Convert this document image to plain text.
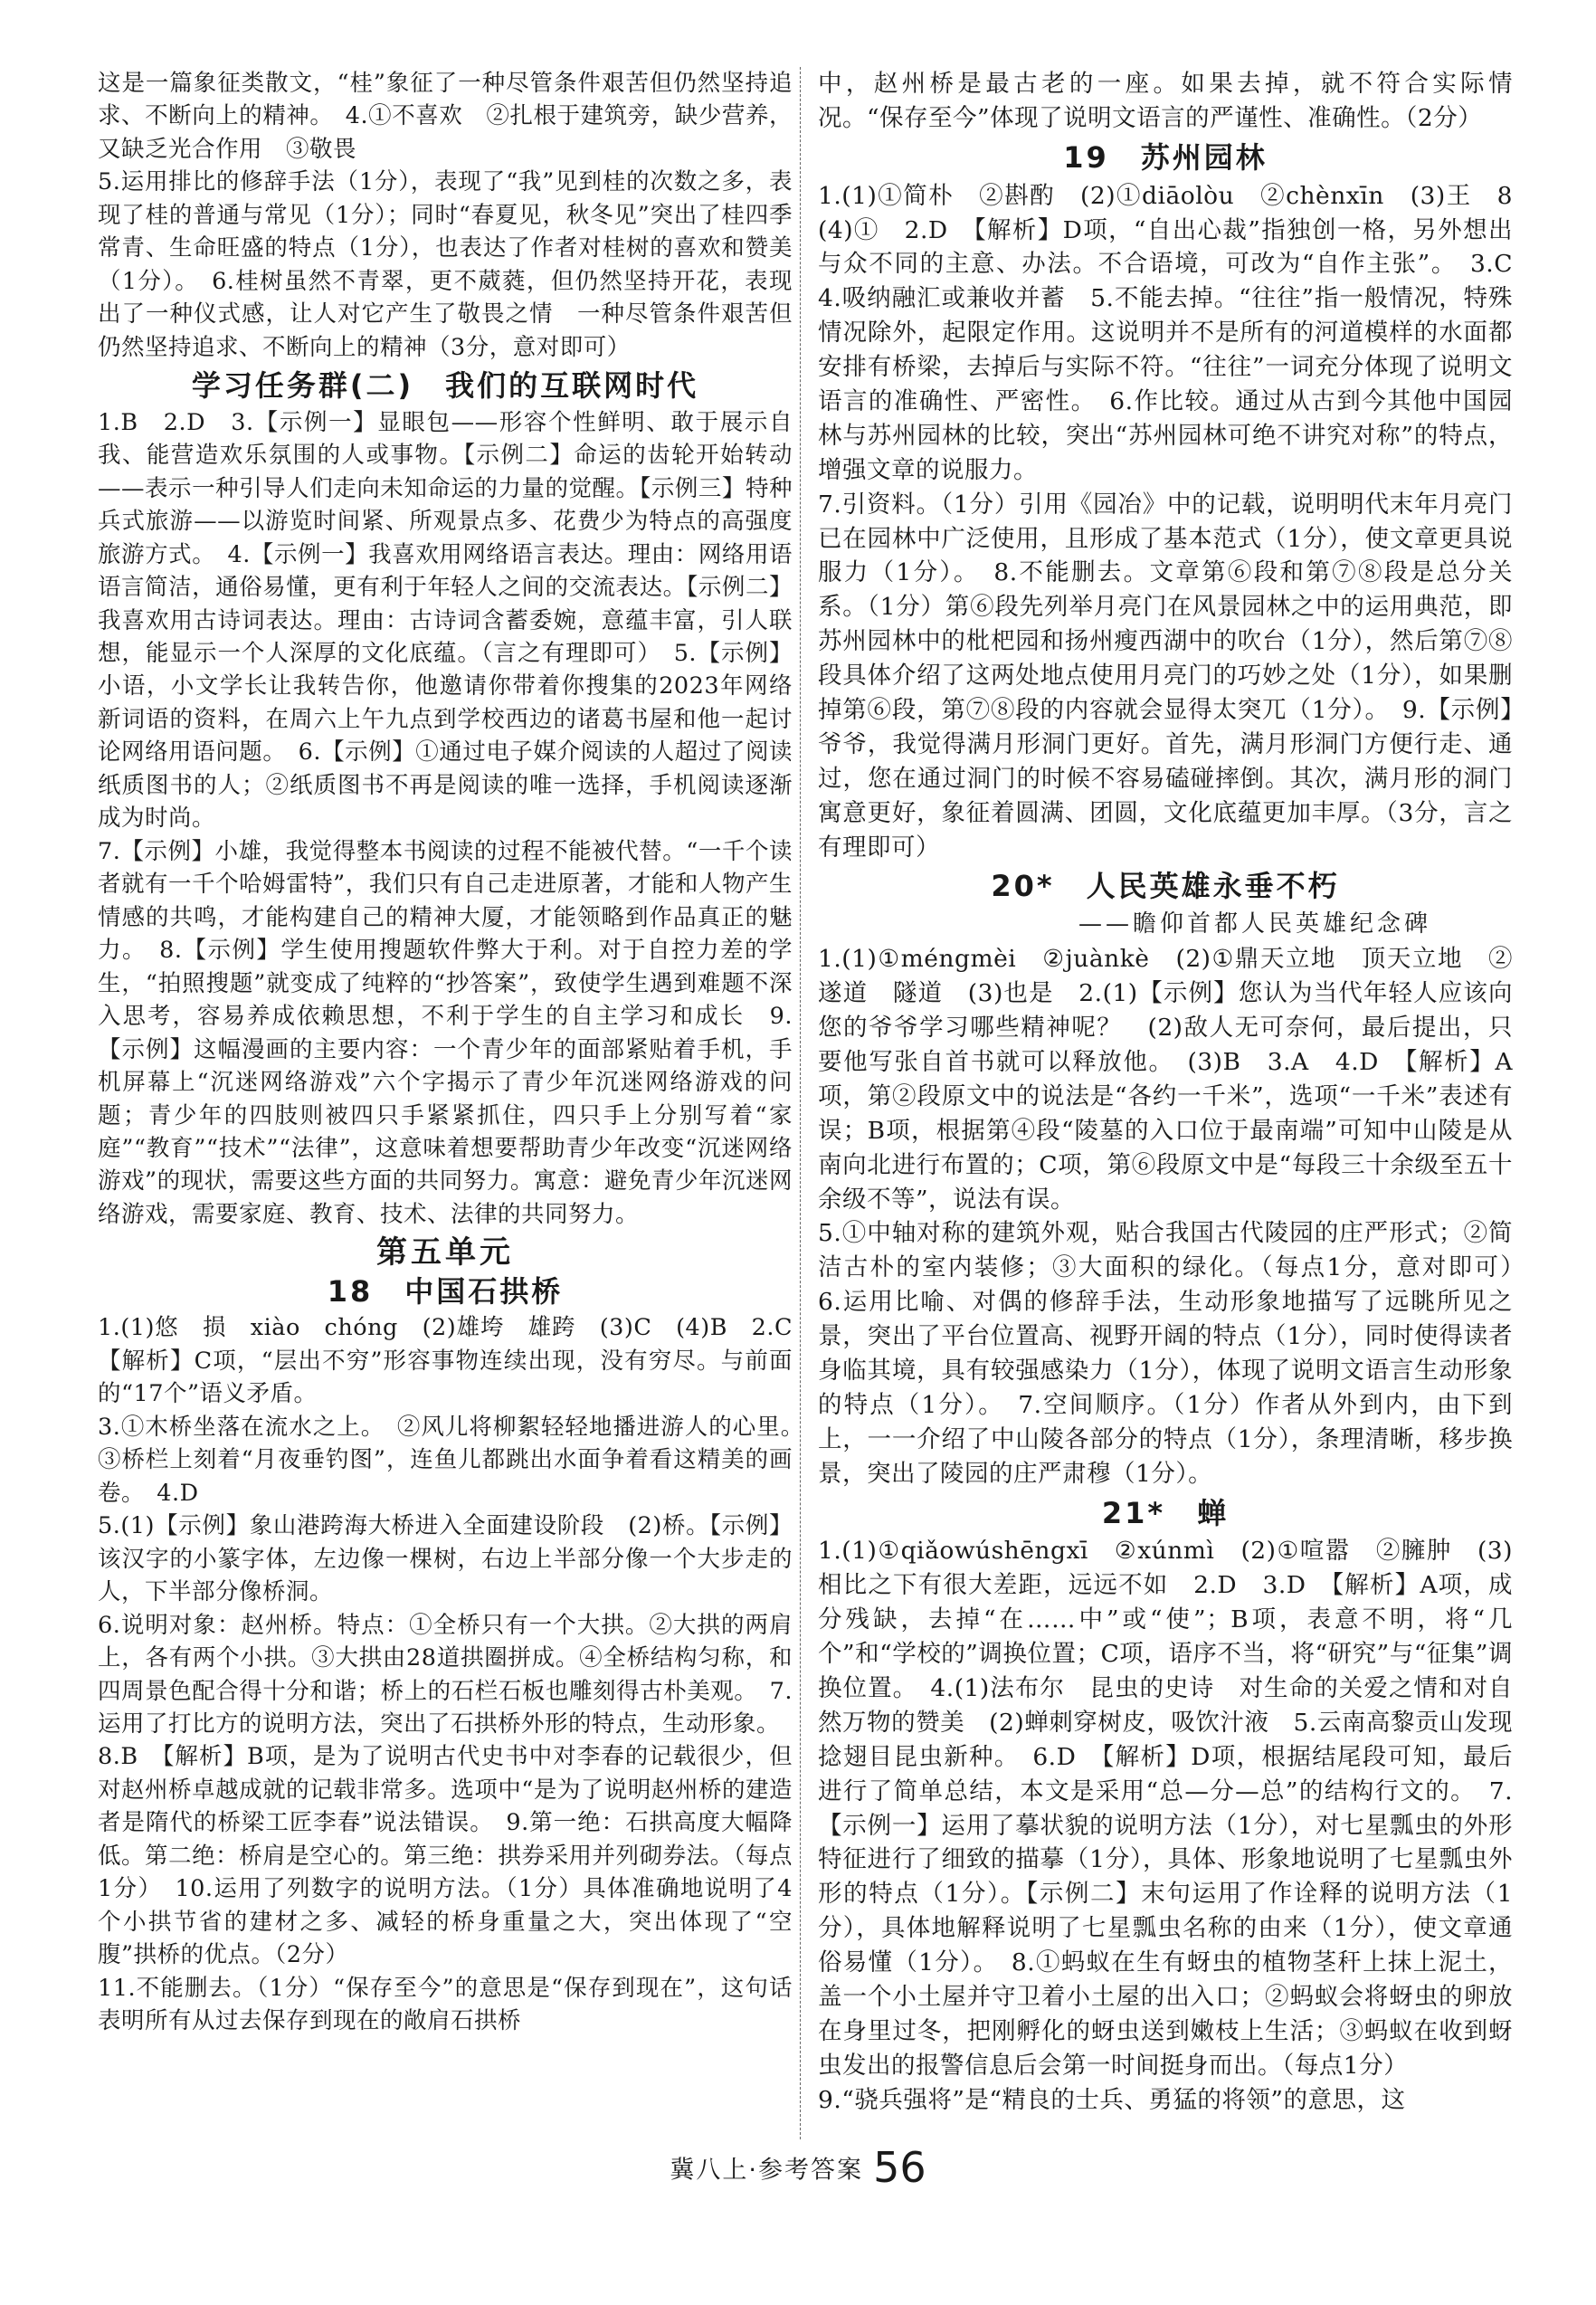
这是一篇象征类散文，“桂”象征了一种尽管条件艰苦但仍然坚持追求、不断向上的精神。　4.①不喜欢　②扎根于建筑旁，缺少营养，又缺乏光合作用　③敬畏
5.运用排比的修辞手法（1分），表现了“我”见到桂的次数之多，表现了桂的普通与常见（1分）；同时“春夏见，秋冬见”突出了桂四季常青、生命旺盛的特点（1分），也表达了作者对桂树的喜欢和赞美（1分）。　6.桂树虽然不青翠，更不葳蕤，但仍然坚持开花，表现出了一种仪式感，让人对它产生了敬畏之情　一种尽管条件艰苦但仍然坚持追求、不断向上的精神（3分，意对即可）
学习任务群(二)　我们的互联网时代
1.B　2.D　3.【示例一】显眼包——形容个性鲜明、敢于展示自我、能营造欢乐氛围的人或事物。【示例二】命运的齿轮开始转动——表示一种引导人们走向未知命运的力量的觉醒。【示例三】特种兵式旅游——以游览时间紧、所观景点多、花费少为特点的高强度旅游方式。　4.【示例一】我喜欢用网络语言表达。理由：网络用语语言简洁，通俗易懂，更有利于年轻人之间的交流表达。【示例二】我喜欢用古诗词表达。理由：古诗词含蓄委婉，意蕴丰富，引人联想，能显示一个人深厚的文化底蕴。（言之有理即可）　5.【示例】小语，小文学长让我转告你，他邀请你带着你搜集的2023年网络新词语的资料，在周六上午九点到学校西边的诸葛书屋和他一起讨论网络用语问题。　6.【示例】①通过电子媒介阅读的人超过了阅读纸质图书的人；②纸质图书不再是阅读的唯一选择，手机阅读逐渐成为时尚。
7.【示例】小雄，我觉得整本书阅读的过程不能被代替。“一千个读者就有一千个哈姆雷特”，我们只有自己走进原著，才能和人物产生情感的共鸣，才能构建自己的精神大厦，才能领略到作品真正的魅力。　8.【示例】学生使用搜题软件弊大于利。对于自控力差的学生，“拍照搜题”就变成了纯粹的“抄答案”，致使学生遇到难题不深入思考，容易养成依赖思想，不利于学生的自主学习和成长　9.【示例】这幅漫画的主要内容：一个青少年的面部紧贴着手机，手机屏幕上“沉迷网络游戏”六个字揭示了青少年沉迷网络游戏的问题；青少年的四肢则被四只手紧紧抓住，四只手上分别写着“家庭”“教育”“技术”“法律”，这意味着想要帮助青少年改变“沉迷网络游戏”的现状，需要这些方面的共同努力。寓意：避免青少年沉迷网络游戏，需要家庭、教育、技术、法律的共同努力。
第五单元
18　中国石拱桥
1.(1)悠　损　xiào　chóng　(2)雄垮　雄跨　(3)C　(4)B　2.C　【解析】C项，“层出不穷”形容事物连续出现，没有穷尽。与前面的“17个”语义矛盾。
3.①木桥坐落在流水之上。　②风儿将柳絮轻轻地播进游人的心里。　③桥栏上刻着“月夜垂钓图”，连鱼儿都跳出水面争着看这精美的画卷。　4.D
5.(1)【示例】象山港跨海大桥进入全面建设阶段　(2)桥。【示例】该汉字的小篆字体，左边像一棵树，右边上半部分像一个大步走的人，下半部分像桥洞。
6.说明对象：赵州桥。特点：①全桥只有一个大拱。②大拱的两肩上，各有两个小拱。③大拱由28道拱圈拼成。④全桥结构匀称，和四周景色配合得十分和谐；桥上的石栏石板也雕刻得古朴美观。　7.运用了打比方的说明方法，突出了石拱桥外形的特点，生动形象。
8.B　【解析】B项，是为了说明古代史书中对李春的记载很少，但对赵州桥卓越成就的记载非常多。选项中“是为了说明赵州桥的建造者是隋代的桥梁工匠李春”说法错误。　9.第一绝：石拱高度大幅降低。第二绝：桥肩是空心的。第三绝：拱券采用并列砌券法。（每点1分）　10.运用了列数字的说明方法。（1分）具体准确地说明了4个小拱节省的建材之多、减轻的桥身重量之大，突出体现了“空腹”拱桥的优点。（2分）
11.不能删去。（1分）“保存至今”的意思是“保存到现在”，这句话表明所有从过去保存到现在的敞肩石拱桥
中，赵州桥是最古老的一座。如果去掉，就不符合实际情况。“保存至今”体现了说明文语言的严谨性、准确性。（2分）
19　苏州园林
1.(1)①简朴　②斟酌　(2)①diāolòu　②chènxīn　(3)王　8　(4)①　2.D　【解析】D项，“自出心裁”指独创一格，另外想出与众不同的主意、办法。不合语境，可改为“自作主张”。　3.C　4.吸纳融汇或兼收并蓄　5.不能去掉。“往往”指一般情况，特殊情况除外，起限定作用。这说明并不是所有的河道模样的水面都安排有桥梁，去掉后与实际不符。“往往”一词充分体现了说明文语言的准确性、严密性。　6.作比较。通过从古到今其他中国园林与苏州园林的比较，突出“苏州园林可绝不讲究对称”的特点，增强文章的说服力。
7.引资料。（1分）引用《园冶》中的记载，说明明代末年月亮门已在园林中广泛使用，且形成了基本范式（1分），使文章更具说服力（1分）。　8.不能删去。文章第⑥段和第⑦⑧段是总分关系。（1分）第⑥段先列举月亮门在风景园林之中的运用典范，即苏州园林中的枇杷园和扬州瘦西湖中的吹台（1分），然后第⑦⑧段具体介绍了这两处地点使用月亮门的巧妙之处（1分），如果删掉第⑥段，第⑦⑧段的内容就会显得太突兀（1分）。　9.【示例】爷爷，我觉得满月形洞门更好。首先，满月形洞门方便行走、通过，您在通过洞门的时候不容易磕碰摔倒。其次，满月形的洞门寓意更好，象征着圆满、团圆，文化底蕴更加丰厚。（3分，言之有理即可）
20*　人民英雄永垂不朽
——瞻仰首都人民英雄纪念碑
1.(1)①méngmèi　②juànkè　(2)①鼎天立地　顶天立地　②遂道　隧道　(3)也是　2.(1)【示例】您认为当代年轻人应该向您的爷爷学习哪些精神呢？　(2)敌人无可奈何，最后提出，只要他写张自首书就可以释放他。　(3)B　3.A　4.D　【解析】A项，第②段原文中的说法是“各约一千米”，选项“一千米”表述有误；B项，根据第④段“陵墓的入口位于最南端”可知中山陵是从南向北进行布置的；C项，第⑥段原文中是“每段三十余级至五十余级不等”，说法有误。
5.①中轴对称的建筑外观，贴合我国古代陵园的庄严形式；②简洁古朴的室内装修；③大面积的绿化。（每点1分，意对即可）　6.运用比喻、对偶的修辞手法，生动形象地描写了远眺所见之景，突出了平台位置高、视野开阔的特点（1分），同时使得读者身临其境，具有较强感染力（1分），体现了说明文语言生动形象的特点（1分）。　7.空间顺序。（1分）作者从外到内，由下到上，一一介绍了中山陵各部分的特点（1分），条理清晰，移步换景，突出了陵园的庄严肃穆（1分）。
21*　蝉
1.(1)①qiǎowúshēngxī　②xúnmì　(2)①喧嚣　②臃肿　(3)相比之下有很大差距，远远不如　2.D　3.D　【解析】A项，成分残缺，去掉“在……中”或“使”；B项，表意不明，将“几个”和“学校的”调换位置；C项，语序不当，将“研究”与“征集”调换位置。　4.(1)法布尔　昆虫的史诗　对生命的关爱之情和对自然万物的赞美　(2)蝉刺穿树皮，吸饮汁液　5.云南高黎贡山发现捻翅目昆虫新种。　6.D　【解析】D项，根据结尾段可知，最后进行了简单总结，本文是采用“总—分—总”的结构行文的。　7.【示例一】运用了摹状貌的说明方法（1分），对七星瓢虫的外形特征进行了细致的描摹（1分），具体、形象地说明了七星瓢虫外形的特点（1分）。【示例二】末句运用了作诠释的说明方法（1分），具体地解释说明了七星瓢虫名称的由来（1分），使文章通俗易懂（1分）。　8.①蚂蚁在生有蚜虫的植物茎秆上抹上泥土，盖一个小土屋并守卫着小土屋的出入口；②蚂蚁会将蚜虫的卵放在身里过冬，把刚孵化的蚜虫送到嫩枝上生活；③蚂蚁在收到蚜虫发出的报警信息后会第一时间挺身而出。（每点1分）
9.“骁兵强将”是“精良的士兵、勇猛的将领”的意思，这
冀八上·参考答案 56
